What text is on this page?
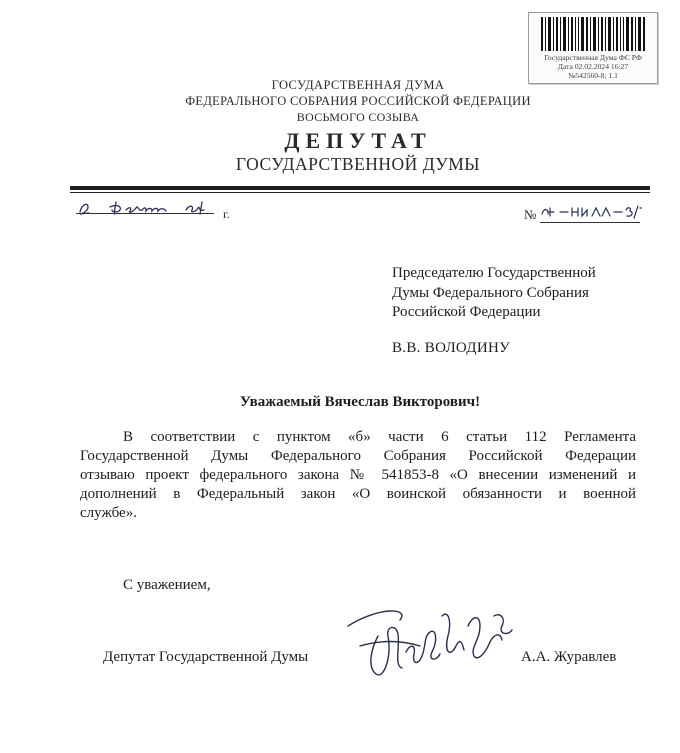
Государственная Дума ФС РФ
Дата 02.02.2024 16:27
№542560-8; 1.1
ГОСУДАРСТВЕННАЯ ДУМА
ФЕДЕРАЛЬНОГО СОБРАНИЯ РОССИЙСКОЙ ФЕДЕРАЦИИ
ВОСЬМОГО СОЗЫВА
ДЕПУТАТ
ГОСУДАРСТВЕННОЙ ДУМЫ
г.	№
Председателю Государственной
Думы Федерального Собрания
Российской Федерации
В.В. ВОЛОДИНУ
Уважаемый Вячеслав Викторович!
В соответствии с пунктом «б» части 6 статьи 112 Регламента
Государственной Думы Федерального Собрания Российской Федерации
отзываю проект федерального закона № 541853-8 «О внесении изменений и
дополнений в Федеральный закон «О воинской обязанности и военной
службе».
С уважением,
Депутат Государственной Думы	А.А. Журавлев
